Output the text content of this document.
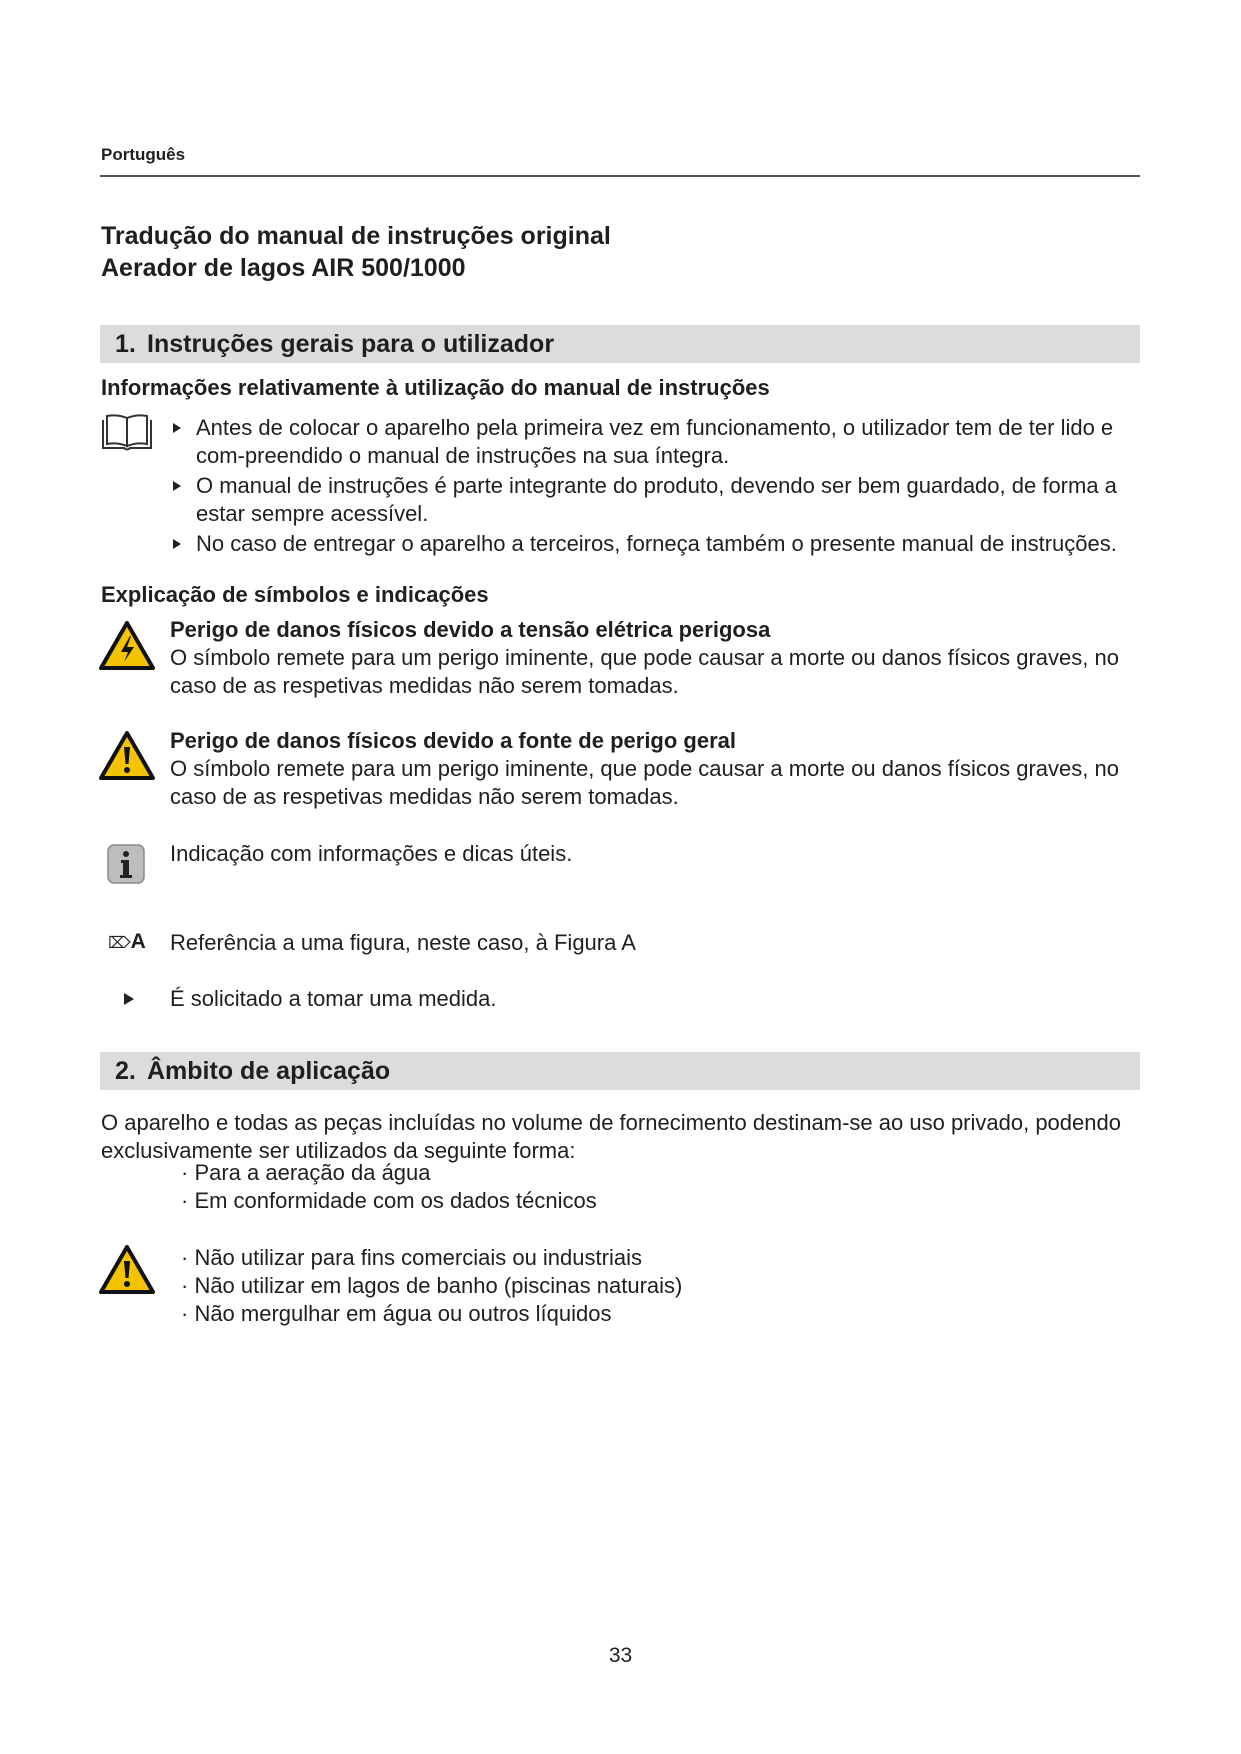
Português
Tradução do manual de instruções original
Aerador de lagos AIR 500/1000
1. Instruções gerais para o utilizador
Informações relativamente à utilização do manual de instruções
Antes de colocar o aparelho pela primeira vez em funcionamento, o utilizador tem de ter lido e com-preendido o manual de instruções na sua íntegra.
O manual de instruções é parte integrante do produto, devendo ser bem guardado, de forma a estar sempre acessível.
No caso de entregar o aparelho a terceiros, forneça também o presente manual de instruções.
Explicação de símbolos e indicações
Perigo de danos físicos devido a tensão elétrica perigosa
O símbolo remete para um perigo iminente, que pode causar a morte ou danos físicos graves, no caso de as respetivas medidas não serem tomadas.
Perigo de danos físicos devido a fonte de perigo geral
O símbolo remete para um perigo iminente, que pode causar a morte ou danos físicos graves, no caso de as respetivas medidas não serem tomadas.
Indicação com informações e dicas úteis.
⌦A Referência a uma figura, neste caso, à Figura A
É solicitado a tomar uma medida.
2. Âmbito de aplicação
O aparelho e todas as peças incluídas no volume de fornecimento destinam-se ao uso privado, podendo
exclusivamente ser utilizados da seguinte forma:
· Para a aeração da água
· Em conformidade com os dados técnicos
· Não utilizar para fins comerciais ou industriais
· Não utilizar em lagos de banho (piscinas naturais)
· Não mergulhar em água ou outros líquidos
33
